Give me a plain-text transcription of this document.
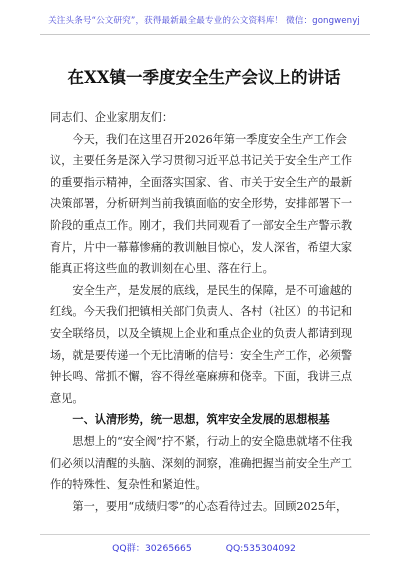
关注头条号“公文研究”，获得最新最全最专业的公文资料库！ 微信：gongwenyj
在XX镇一季度安全生产会议上的讲话

同志们、企业家朋友们：

今天，我们在这里召开2026年第一季度安全生产工作会议，主要任务是深入学习贯彻习近平总书记关于安全生产工作的重要指示精神，全面落实国家、省、市关于安全生产的最新决策部署，分析研判当前我镇面临的安全形势，安排部署下一阶段的重点工作。刚才，我们共同观看了一部安全生产警示教育片，片中一幕幕惨痛的教训触目惊心，发人深省，希望大家能真正将这些血的教训刻在心里、落在行上。

安全生产，是发展的底线，是民生的保障，是不可逾越的红线。今天我们把镇相关部门负责人、各村（社区）的书记和安全联络员，以及全镇规上企业和重点企业的负责人都请到现场，就是要传递一个无比清晰的信号：安全生产工作，必须警钟长鸣、常抓不懈，容不得丝毫麻痹和侥幸。下面，我讲三点意见。

一、认清形势，统一思想，筑牢安全发展的思想根基

思想上的“安全阀”拧不紧，行动上的安全隐患就堵不住我们必须以清醒的头脑、深刻的洞察，准确把握当前安全生产工作的特殊性、复杂性和紧迫性。

第一，要用“成绩归零”的心态看待过去。回顾2025年，

QQ群：30265665	QQ:535304092
